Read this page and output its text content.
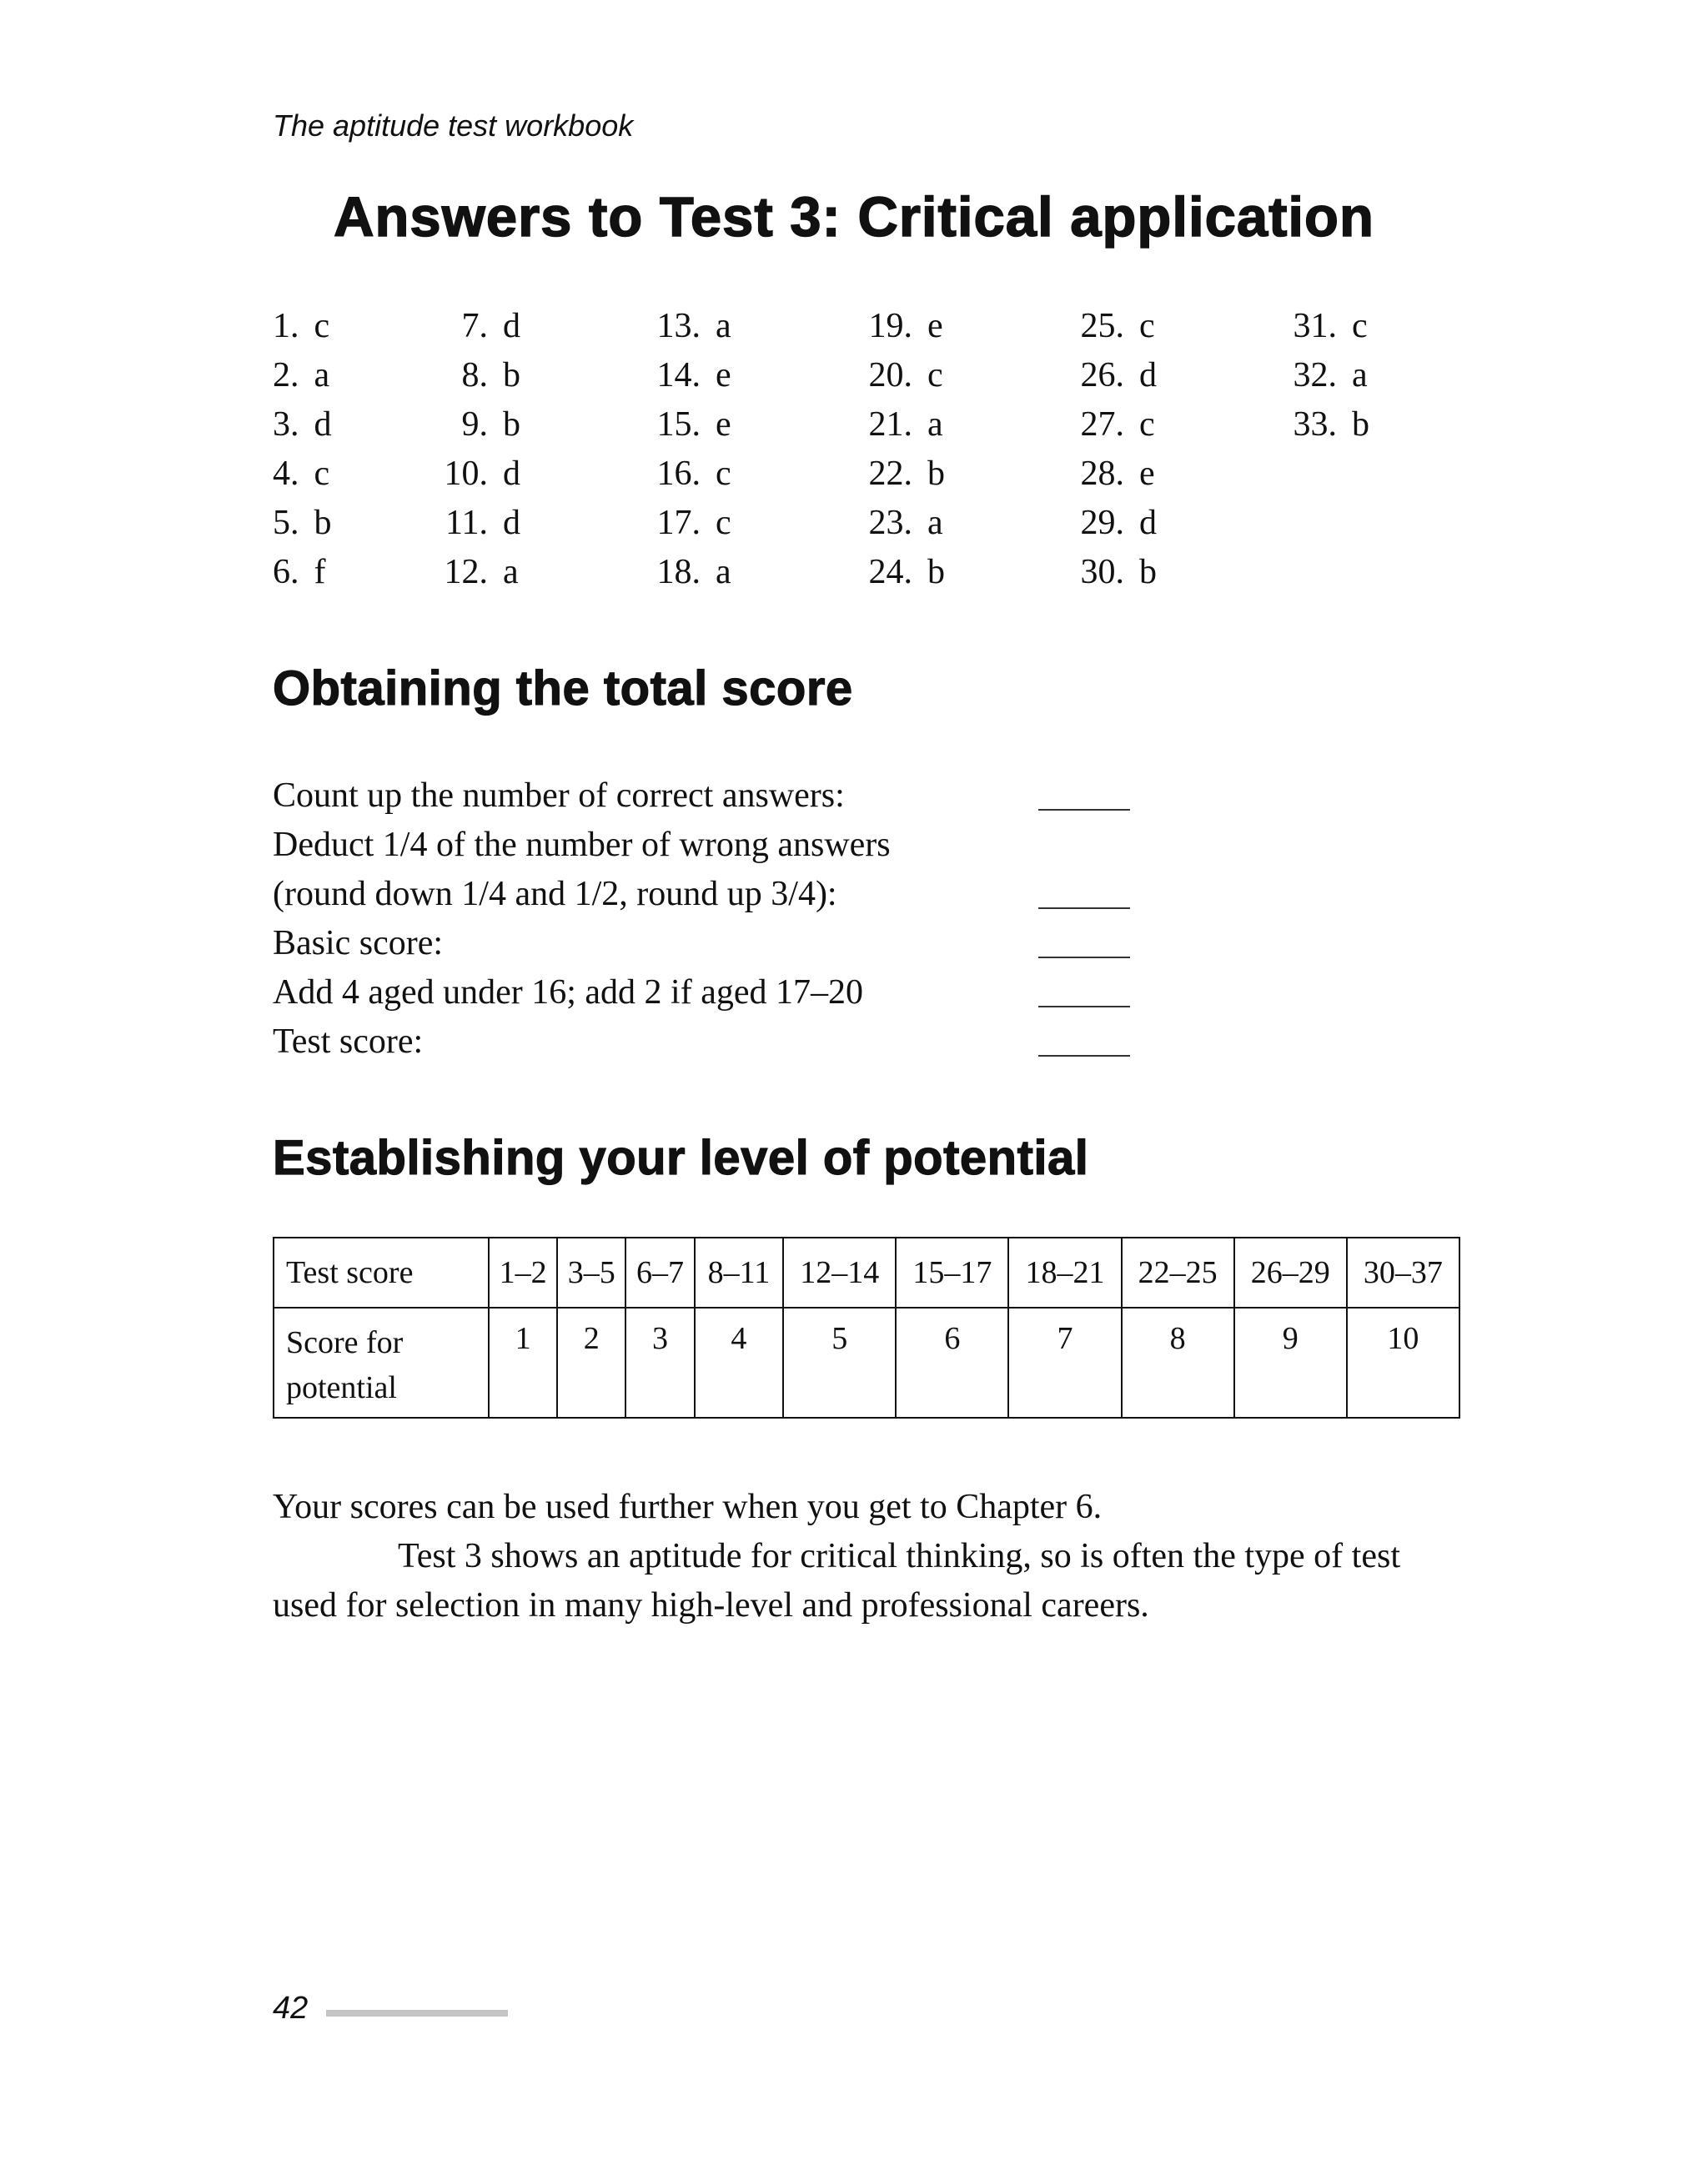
The aptitude test workbook

Answers to Test 3: Critical application
1. c
2. a
3. d
4. c
5. b
6. f
7. d
8. b
9. b
10. d
11. d
12. a
13. a
14. e
15. e
16. c
17. c
18. a
19. e
20. c
21. a
22. b
23. a
24. b
25. c
26. d
27. c
28. e
29. d
30. b
31. c
32. a
33. b
Obtaining the total score
Count up the number of correct answers:
Deduct 1/4 of the number of wrong answers
(round down 1/4 and 1/2, round up 3/4):
Basic score:
Add 4 aged under 16; add 2 if aged 17–20
Test score:
Establishing your level of potential
Test score	1–2	3–5	6–7	8–11	12–14	15–17	18–21	22–25	26–29	30–37
Score for potential	1	2	3	4	5	6	7	8	9	10
Your scores can be used further when you get to Chapter 6.
Test 3 shows an aptitude for critical thinking, so is often the type of test used for selection in many high-level and professional careers.

42
